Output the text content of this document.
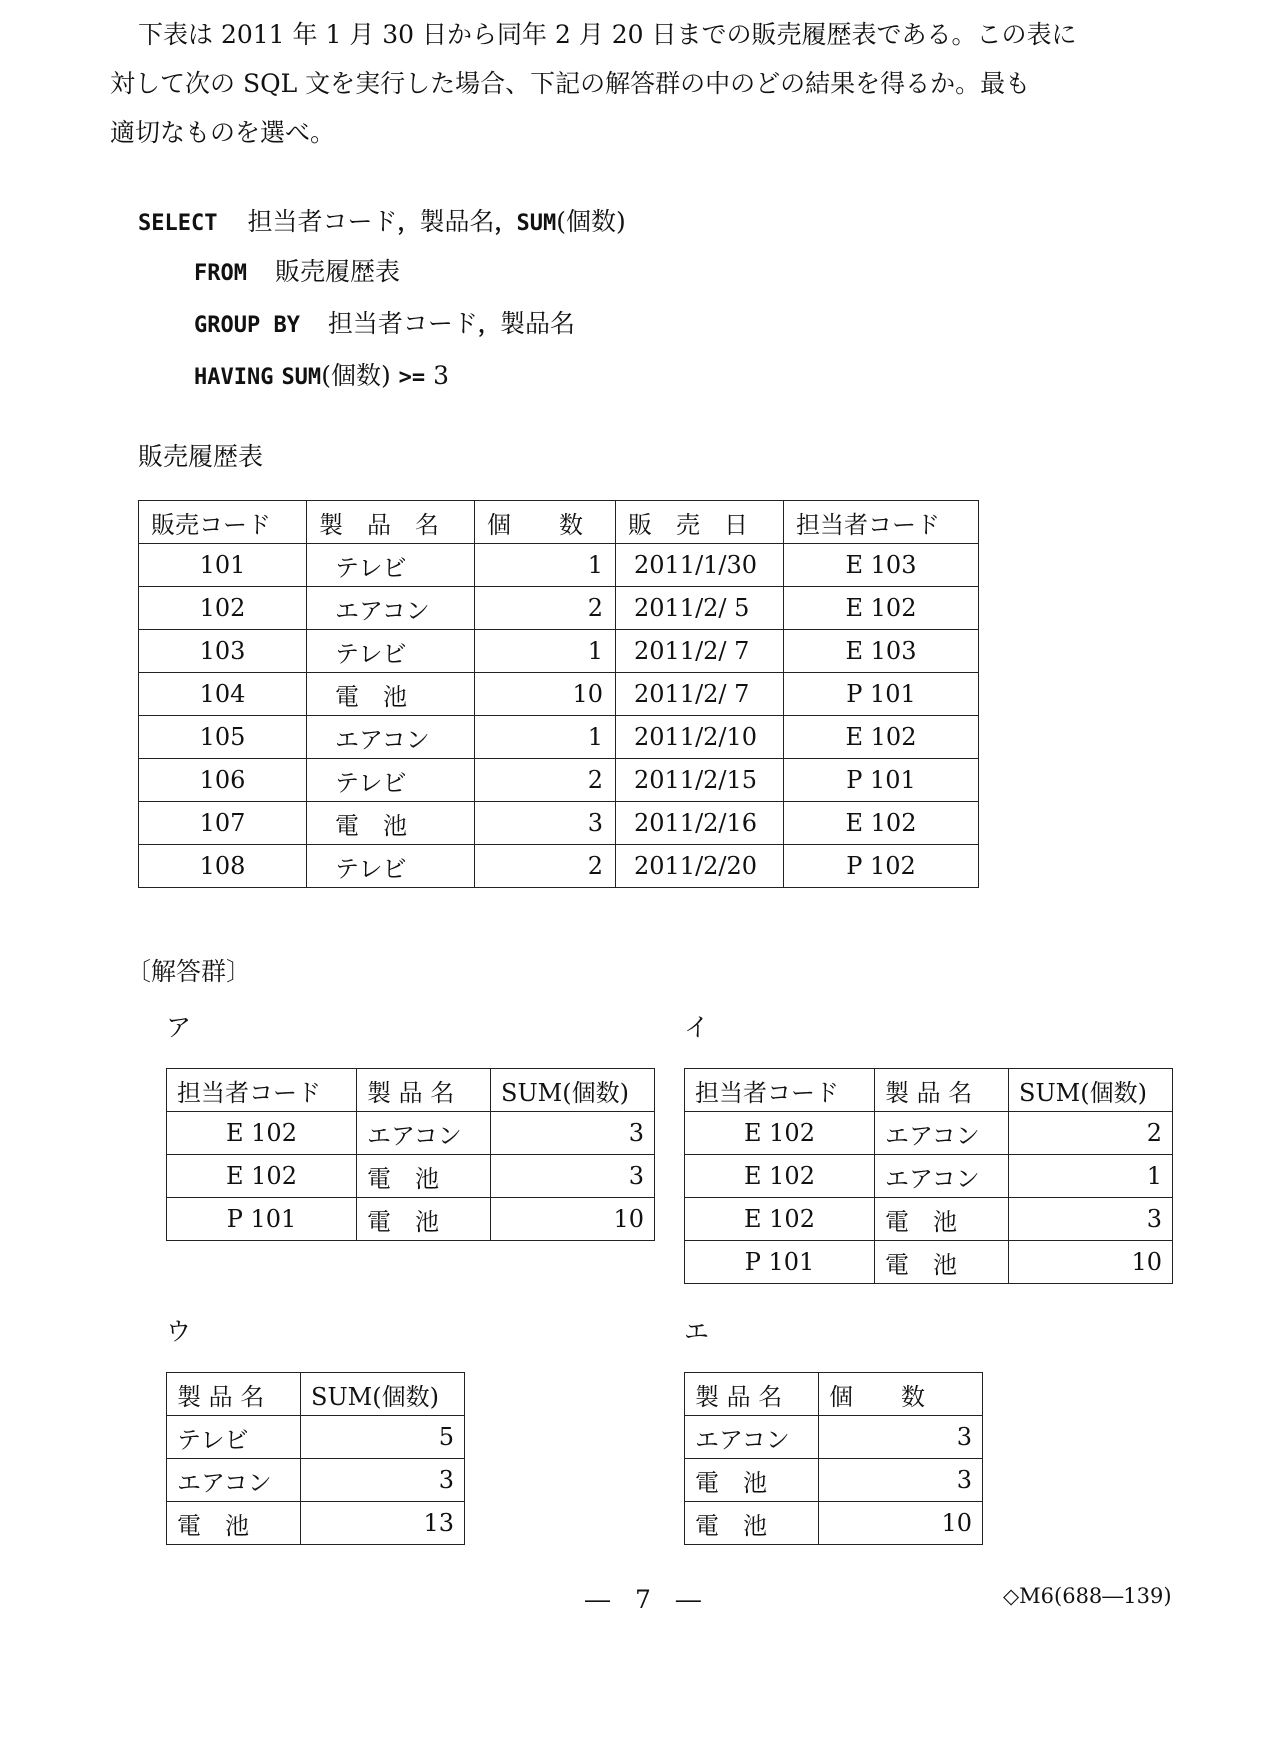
下表は 2011 年 1 月 30 日から同年 2 月 20 日までの販売履歴表である。この表に
対して次の SQL 文を実行した場合、下記の解答群の中のどの結果を得るか。最も
適切なものを選べ。
SELECT 担当者コード，製品名，SUM(個数)
FROM 販売履歴表
GROUP BY 担当者コード，製品名
HAVING SUM(個数) >= 3
販売履歴表
販売コード	製　品　名	個　　数	販　売　日	担当者コード
101	テレビ	1	2011/1/30	E 103
102	エアコン	2	2011/2/ 5	E 102
103	テレビ	1	2011/2/ 7	E 103
104	電　池	10	2011/2/ 7	P 101
105	エアコン	1	2011/2/10	E 102
106	テレビ	2	2011/2/15	P 101
107	電　池	3	2011/2/16	E 102
108	テレビ	2	2011/2/20	P 102
〔解答群〕
ア
担当者コード	製 品 名	SUM(個数)
E 102	エアコン	3
E 102	電　池	3
P 101	電　池	10
イ
担当者コード	製 品 名	SUM(個数)
E 102	エアコン	2
E 102	エアコン	1
E 102	電　池	3
P 101	電　池	10
ウ
製 品 名	SUM(個数)
テレビ	5
エアコン	3
電　池	13
エ
製 品 名	個　　数
エアコン	3
電　池	3
電　池	10
―　7　―	◇M6(688―139)
